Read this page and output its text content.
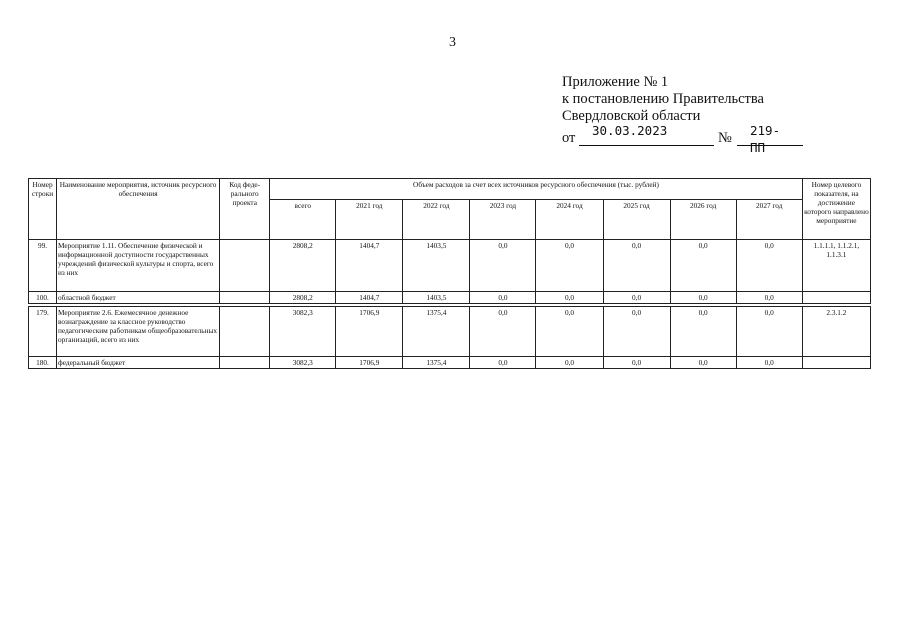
3
Приложение № 1
к постановлению Правительства
Свердловской области
от 30.03.2023	№ 219-ПП
Номер строки	Наименование мероприятия, источник ресурсного обеспечения	Код феде-рального проекта	Объем расходов за счет всех источников ресурсного обеспечения (тыс. рублей)								Номер целевого показателя, на достижение которого направлено мероприятие
			всего	2021 год	2022 год	2023 год	2024 год	2025 год	2026 год	2027 год	
99.	Мероприятие 1.11. Обеспечение физической и информационной доступности государственных учреждений физической культуры и спорта, всего из них		2808,2	1404,7	1403,5	0,0	0,0	0,0	0,0	0,0	1.1.1.1, 1.1.2.1, 1.1.3.1
100.	областной бюджет		2808,2	1404,7	1403,5	0,0	0,0	0,0	0,0	0,0	

179.	Мероприятие 2.6. Ежемесячное денежное вознаграждение за классное руководство педагогическим работникам общеобразовательных организаций, всего из них		3082,3	1706,9	1375,4	0,0	0,0	0,0	0,0	0,0	2.3.1.2
180.	федеральный бюджет		3082,3	1706,9	1375,4	0,0	0,0	0,0	0,0	0,0	
